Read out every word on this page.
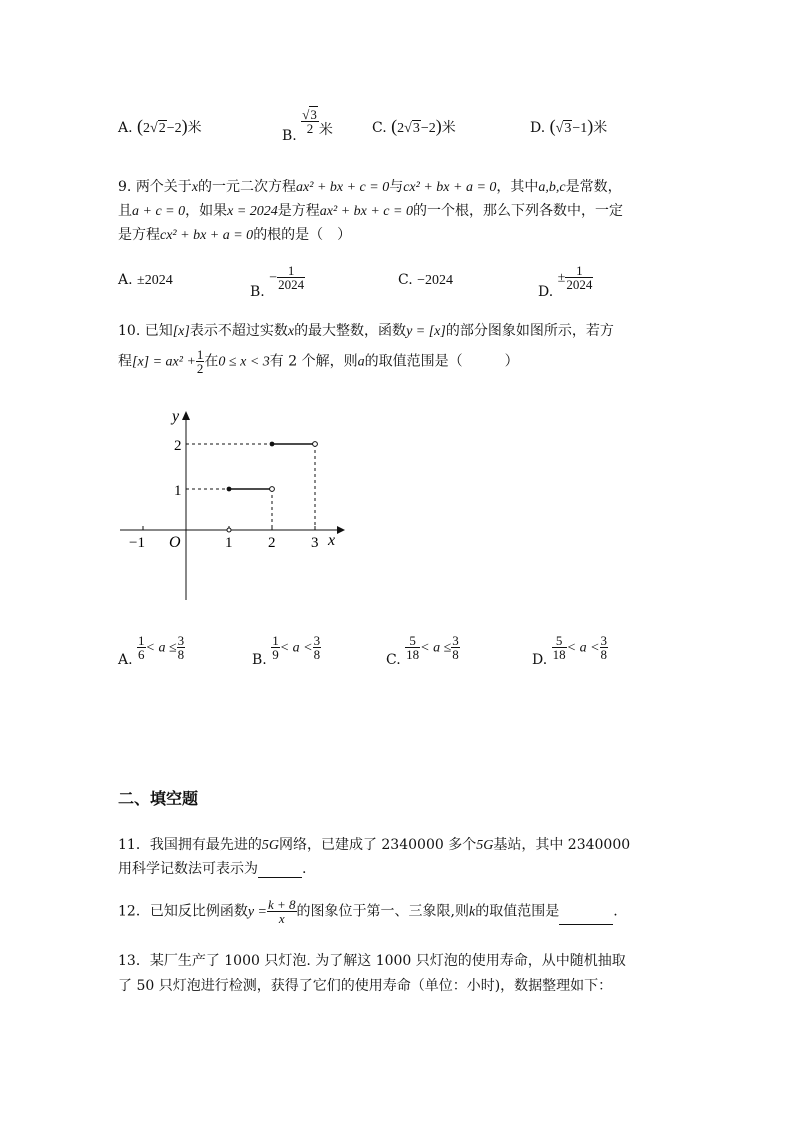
A. (2√2−2)米	B.
$\frac{√3}{2}$ 米	C. (2√3−2)米	D. (√3−1)米
9. 两个关于x的一元二次方程ax² + bx + c = 0与cx² + bx + a = 0，其中a,b,c是常数，
且a + c = 0，如果x = 2024是方程ax² + bx + c = 0的一个根，那么下列各数中，一定
是方程cx² + bx + a = 0的根的是（　）
A. ±2024
B. − $\frac{1}{2024}$	C. −2024
D. ± $\frac{1}{2024}$
10. 已知[x]表示不超过实数x的最大整数，函数y = [x]的部分图象如图所示，若方
程$[x] = ax^2 + \frac{1}{2}$ 在0 ≤ x < 3有 2 个解，则a的取值范围是（　　　）
y
x
O
−1	1 2 3
1
2
A. $\frac{1}{6} < a \le \frac{3}{8}$	B. $\frac{1}{9} < a < \frac{3}{8}$	C. $\frac{5}{18} < a \le \frac{3}{8}$	D. $\frac{5}{18} < a < \frac{3}{8}$
二、填空题
11．我国拥有最先进的5G网络，已建成了 2340000 多个5G基站，其中 2340000
用科学记数法可表示为	.
12．已知反比例函数$y = \frac{k + 8}{x}$ 的图象位于第一、三象限,则k的取值范围是	.
13．某厂生产了 1000 只灯泡. 为了解这 1000 只灯泡的使用寿命，从中随机抽取
了 50 只灯泡进行检测，获得了它们的使用寿命（单位：小时)，数据整理如下：
